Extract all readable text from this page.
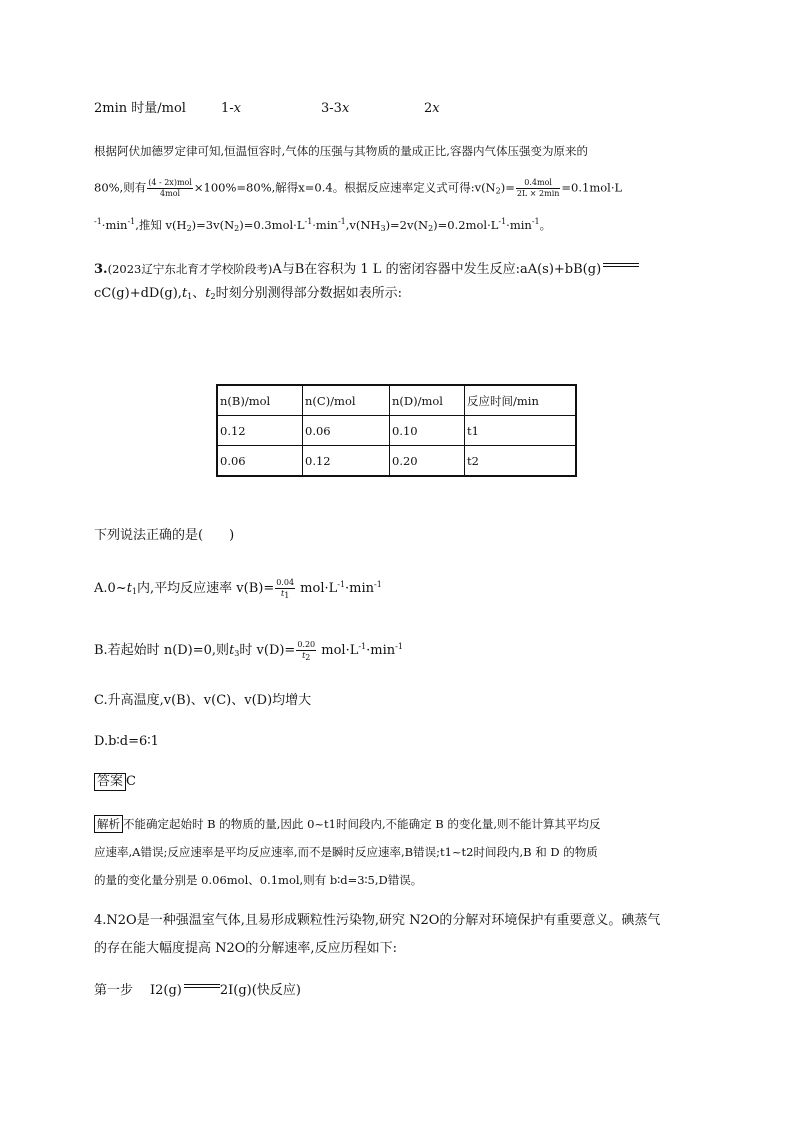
2min 时量/mol	1-x	3-3x	2x
根据阿伏加德罗定律可知,恒温恒容时,气体的压强与其物质的量成正比,容器内气体压强变为原来的
80%,则有 $\frac{\text{(4 - 2x)mol}}{\text{4mol}} \times 100\%=80\%$,解得x=0.4。根据反应速率定义式可得$:v(N_2)= \frac{\text{0.4mol}}{2L \times 2\min} =0.1mol\cdot L$
$^{-1}\cdot\min^{-1}$,推知 $v(H_2)=3v(N_2)=0.3mol\cdot L^{-1}\cdot\min^{-1},v(NH_3)=2v(N_2)=0.2mol\cdot L^{-1}\cdot\min^{-1}$。
3.(2023辽宁东北育才学校阶段考)A与B在容积为 1 L 的密闭容器中发生反应:aA(s)+bB(g)
$cC(g)+dD(g),t_1$、$t_2$时刻分别测得部分数据如表所示:
n(B)/mol	n(C)/mol	n(D)/mol	反应时间/min
0.12	0.06	0.10	t1
0.06	0.12	0.20	t2
下列说法正确的是(　　)
$A.0\sim t_1$内,平均反应速率 $v(B)= \frac{0.04}{t_1} mol\cdot L^{-1}\cdot\min^{-1}$
B.若起始时 n(D)=0,则$t_3$时 $v(D)= \frac{0.20}{t_2} mol\cdot L^{-1}\cdot\min^{-1}$
C.升高温度,v(B)、v(C)、v(D)均增大
D.b∶d=6∶1
答案 C
解析 不能确定起始时 B 的物质的量,因此 0~t1时间段内,不能确定 B 的变化量,则不能计算其平均反
应速率,A错误;反应速率是平均反应速率,而不是瞬时反应速率,B错误;t1~t2时间段内,B 和 D 的物质
的量的变化量分别是 0.06mol、0.1mol,则有 b∶d=3∶5,D错误。
4.N2O是一种强温室气体,且易形成颗粒性污染物,研究 N2O的分解对环境保护有重要意义。碘蒸气
的存在能大幅度提高 N2O的分解速率,反应历程如下:
第一步 I2(g)	2I(g)(快反应)
